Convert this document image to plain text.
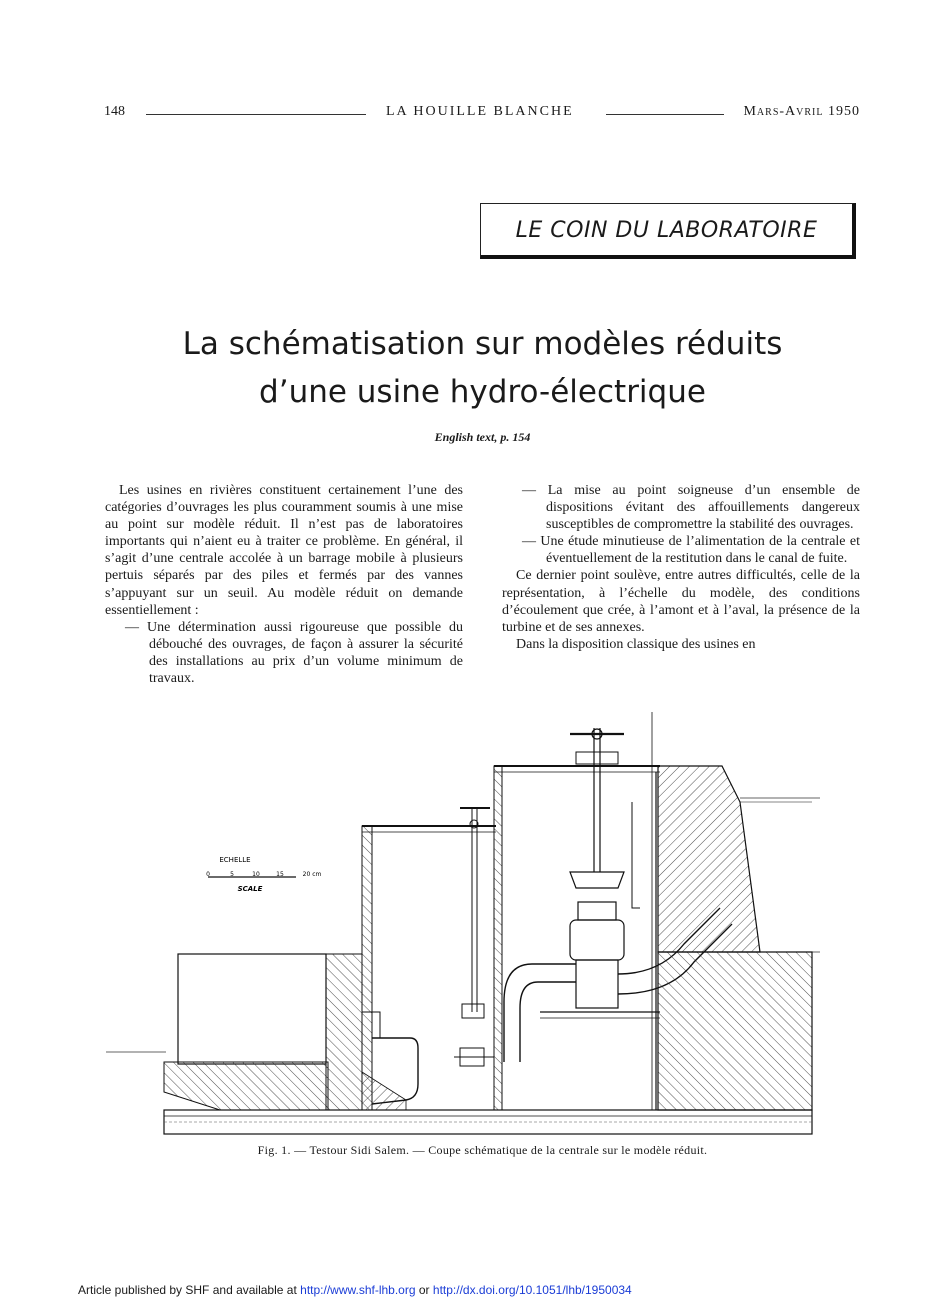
148	LA HOUILLE BLANCHE	Mars-Avril 1950
LE COIN DU LABORATOIRE
La schématisation sur modèles réduits
d’une usine hydro-électrique
English text, p. 154

Les usines en rivières constituent certainement l’une des catégories d’ouvrages les plus couramment soumis à une mise au point sur modèle réduit. Il n’est pas de laboratoires importants qui n’aient eu à traiter ce problème. En général, il s’agit d’une centrale accolée à un barrage mobile à plusieurs pertuis séparés par des piles et fermés par des vannes s’appuyant sur un seuil. Au modèle réduit on demande essentiellement :

— Une détermination aussi rigoureuse que possible du débouché des ouvrages, de façon à assurer la sécurité des installations au prix d’un volume minimum de travaux.

— La mise au point soigneuse d’un ensemble de dispositions évitant des affouillements dangereux susceptibles de compromettre la stabilité des ouvrages.

— Une étude minutieuse de l’alimentation de la centrale et éventuellement de la restitution dans le canal de fuite.

Ce dernier point soulève, entre autres difficultés, celle de la représentation, à l’échelle du modèle, des conditions d’écoulement que crée, à l’amont et à l’aval, la présence de la turbine et de ses annexes.

Dans la disposition classique des usines en

ECHELLE
0	5	10	15	20 cm
SCALE
Fig. 1. — Testour Sidi Salem. — Coupe schématique de la centrale sur le modèle réduit.
Article published by SHF and available at http://www.shf-lhb.org or http://dx.doi.org/10.1051/lhb/1950034
